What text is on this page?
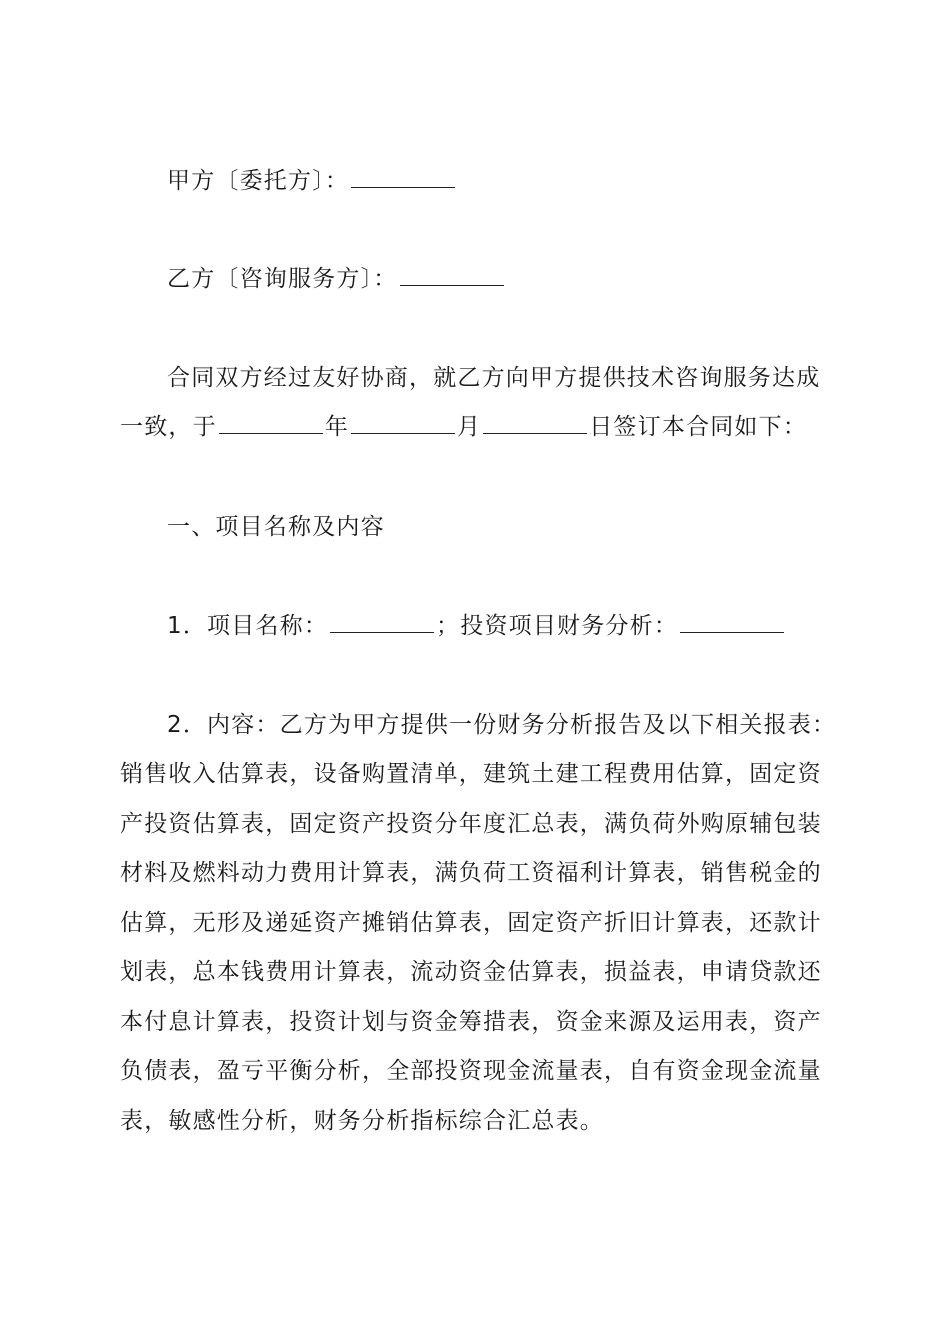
甲方〔委托方〕：
乙方〔咨询服务方〕：
合同双方经过友好协商，就乙方向甲方提供技术咨询服务达成
一致，于	年	月	日签订本合同如下：
一、项目名称及内容
1．项目名称：	；投资项目财务分析：
2．内容：乙方为甲方提供一份财务分析报告及以下相关报表：
销售收入估算表，设备购置清单，建筑土建工程费用估算，固定资
产投资估算表，固定资产投资分年度汇总表，满负荷外购原辅包装
材料及燃料动力费用计算表，满负荷工资福利计算表，销售税金的
估算，无形及递延资产摊销估算表，固定资产折旧计算表，还款计
划表，总本钱费用计算表，流动资金估算表，损益表，申请贷款还
本付息计算表，投资计划与资金筹措表，资金来源及运用表，资产
负债表，盈亏平衡分析，全部投资现金流量表，自有资金现金流量
表，敏感性分析，财务分析指标综合汇总表。
